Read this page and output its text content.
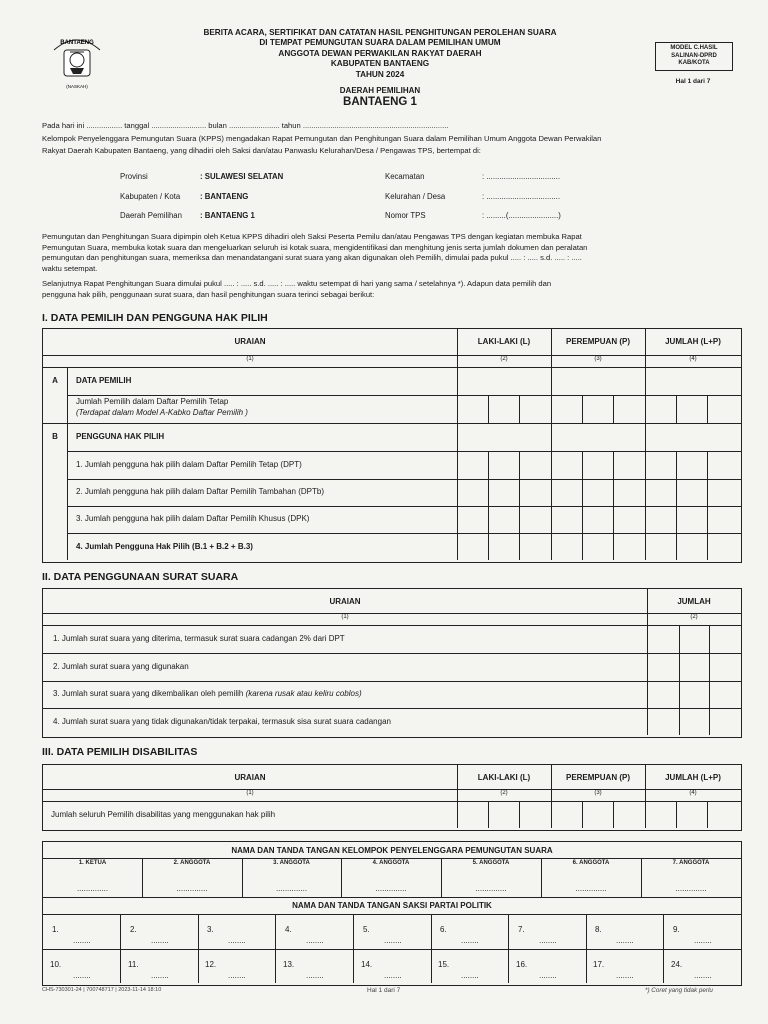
BANTAENG
(NASKAH)
BERITA ACARA, SERTIFIKAT DAN CATATAN HASIL PENGHITUNGAN PEROLEHAN SUARA
DI TEMPAT PEMUNGUTAN SUARA DALAM PEMILIHAN UMUM
ANGGOTA DEWAN PERWAKILAN RAKYAT DAERAH
KABUPATEN BANTAENG
TAHUN 2024
DAERAH PEMILIHAN
BANTAENG 1
MODEL C.HASIL
SALINAN-DPRD
KAB/KOTA
Hal 1 dari 7
Pada hari ini ................. tanggal .......................... bulan ........................ tahun .....................................................................
Kelompok Penyelenggara Pemungutan Suara (KPPS) mengadakan Rapat Pemungutan dan Penghitungan Suara dalam Pemilihan Umum Anggota Dewan Perwakilan
Rakyat Daerah Kabupaten Bantaeng, yang dihadiri oleh Saksi dan/atau Panwaslu Kelurahan/Desa / Pengawas TPS, bertempat di:
Provinsi	: SULAWESI SELATAN
Kabupaten / Kota	: BANTAENG
Daerah Pemilihan : BANTAENG 1
Kecamatan	: ..................................
Kelurahan / Desa	: ..................................
Nomor TPS	: .........(.......................)
Pemungutan dan Penghitungan Suara dipimpin oleh Ketua KPPS dihadiri oleh Saksi Peserta Pemilu dan/atau Pengawas TPS dengan kegiatan membuka Rapat
Pemungutan Suara, membuka kotak suara dan mengeluarkan seluruh isi kotak suara, mengidentifikasi dan menghitung jenis serta jumlah dokumen dan peralatan
pemungutan dan penghitungan suara, memeriksa dan menandatangani surat suara yang akan digunakan oleh Pemilih, dimulai pada pukul ..... : ..... s.d. ..... : .....
waktu setempat.
Selanjutnya Rapat Penghitungan Suara dimulai pukul ..... : ..... s.d. ..... : ..... waktu setempat di hari yang sama / setelahnya *). Adapun data pemilih dan
pengguna hak pilih, penggunaan surat suara, dan hasil penghitungan suara terinci sebagai berikut:
I. DATA PEMILIH DAN PENGGUNA HAK PILIH
URAIAN	LAKI-LAKI (L)	PEREMPUAN (P)	JUMLAH (L+P)
(1)	(2)	(3)	(4)
A	DATA PEMILIH
Jumlah Pemilih dalam Daftar Pemilih Tetap
(Terdapat dalam Model A-Kabko Daftar Pemilih )
B	PENGGUNA HAK PILIH
1. Jumlah pengguna hak pilih dalam Daftar Pemilih Tetap (DPT)
2. Jumlah pengguna hak pilih dalam Daftar Pemilih Tambahan (DPTb)
3. Jumlah pengguna hak pilih dalam Daftar Pemilih Khusus (DPK)
4. Jumlah Pengguna Hak Pilih (B.1 + B.2 + B.3)
II. DATA PENGGUNAAN SURAT SUARA
URAIAN	JUMLAH
(1)	(2)
1. Jumlah surat suara yang diterima, termasuk surat suara cadangan 2% dari DPT
2. Jumlah surat suara yang digunakan
3. Jumlah surat suara yang dikembalikan oleh pemilih (karena rusak atau keliru coblos)
4. Jumlah surat suara yang tidak digunakan/tidak terpakai, termasuk sisa surat suara cadangan
III. DATA PEMILIH DISABILITAS
URAIAN	LAKI-LAKI (L)	PEREMPUAN (P)	JUMLAH (L+P)
(1)	(2)	(3)	(4)
Jumlah seluruh Pemilih disabilitas yang menggunakan hak pilih
NAMA DAN TANDA TANGAN KELOMPOK PENYELENGGARA PEMUNGUTAN SUARA
1. KETUA	2. ANGGOTA	3. ANGGOTA	4. ANGGOTA	5. ANGGOTA	6. ANGGOTA	7. ANGGOTA
..............	..............	..............	..............	..............	..............	..............
NAMA DAN TANDA TANGAN SAKSI PARTAI POLITIK
1.	2.	3.	4.	5.	6.	7.	8.	9.
........	........	........	........	........	........	........	........	........
10.	11.	12.	13.	14.	15.	16.	17.	24.
........	........	........	........	........	........	........	........	........
CHS-730301-24 | 700748717 | 2023-11-14 18:10	Hal 1 dari 7	*) Coret yang tidak perlu
